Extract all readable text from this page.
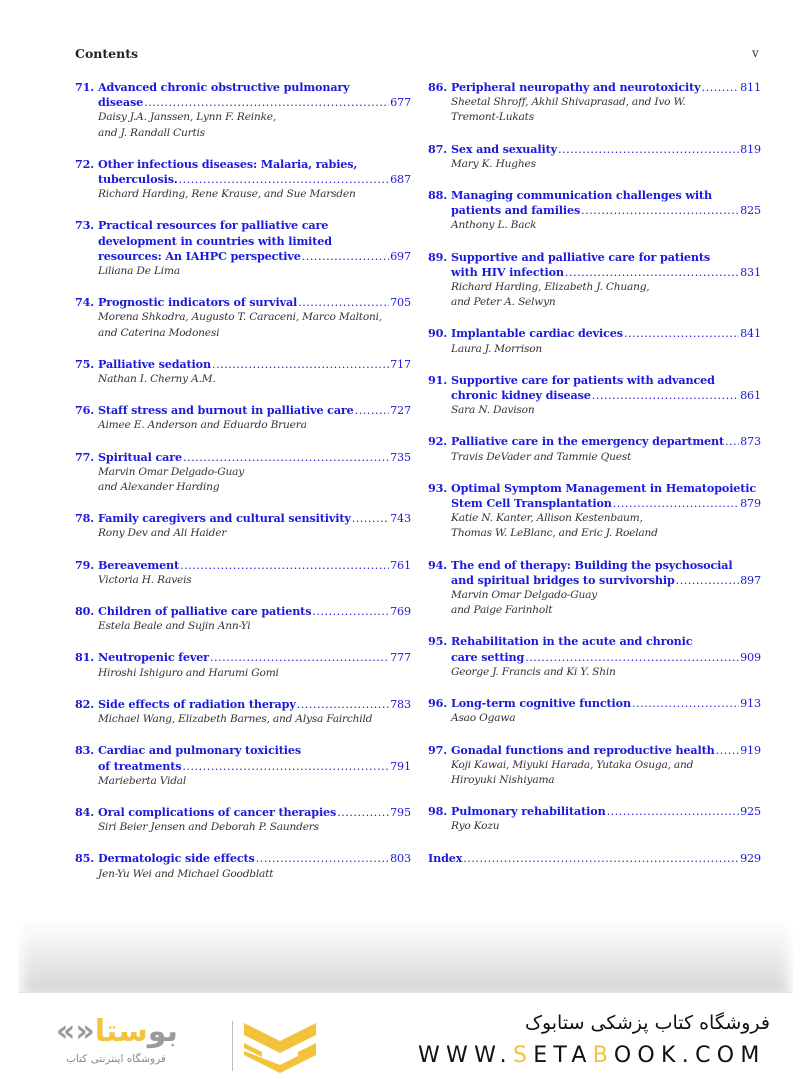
Contents	v
71. Advanced chronic obstructive pulmonary
disease .....	677
Daisy J.A. Janssen, Lynn F. Reinke,
and J. Randall Curtis
72. Other infectious diseases: Malaria, rabies,
tuberculosis. .....	687
Richard Harding, Rene Krause, and Sue Marsden
73. Practical resources for palliative care
development in countries with limited
resources: An IAHPC perspective .....	697
Liliana De Lima
74. Prognostic indicators of survival .....	705
Morena Shkodra, Augusto T. Caraceni, Marco Maltoni,
and Caterina Modonesi
75. Palliative sedation .....	717
Nathan I. Cherny A.M.
76. Staff stress and burnout in palliative care .....	727
Aimee E. Anderson and Eduardo Bruera
77. Spiritual care .....	735
Marvin Omar Delgado-Guay
and Alexander Harding
78. Family caregivers and cultural sensitivity .....	743
Rony Dev and Ali Haider
79. Bereavement .....	761
Victoria H. Raveis
80. Children of palliative care patients .....	769
Estela Beale and Sujin Ann-Yi
81. Neutropenic fever .....	777
Hiroshi Ishiguro and Harumi Gomi
82. Side effects of radiation therapy .....	783
Michael Wang, Elizabeth Barnes, and Alysa Fairchild
83. Cardiac and pulmonary toxicities
of treatments .....	791
Marieberta Vidal
84. Oral complications of cancer therapies .....	795
Siri Beier Jensen and Deborah P. Saunders
85. Dermatologic side effects .....	803
Jen-Yu Wei and Michael Goodblatt
86. Peripheral neuropathy and neurotoxicity .....	811
Sheetal Shroff, Akhil Shivaprasad, and Ivo W.
Tremont-Lukats
87. Sex and sexuality .....	819
Mary K. Hughes
88. Managing communication challenges with
patients and families .....	825
Anthony L. Back
89. Supportive and palliative care for patients
with HIV infection .....	831
Richard Harding, Elizabeth J. Chuang,
and Peter A. Selwyn
90. Implantable cardiac devices .....	841
Laura J. Morrison
91. Supportive care for patients with advanced
chronic kidney disease .....	861
Sara N. Davison
92. Palliative care in the emergency department ..... 873
Travis DeVader and Tammie Quest
93. Optimal Symptom Management in Hematopoietic
Stem Cell Transplantation .....	879
Katie N. Kanter, Allison Kestenbaum,
Thomas W. LeBlanc, and Eric J. Roeland
94. The end of therapy: Building the psychosocial
and spiritual bridges to survivorship .....	897
Marvin Omar Delgado-Guay
and Paige Farinholt
95. Rehabilitation in the acute and chronic
care setting .....	909
George J. Francis and Ki Y. Shin
96. Long-term cognitive function .....	913
Asao Ogawa
97. Gonadal functions and reproductive health ..... 919
Koji Kawai, Miyuki Harada, Yutaka Osuga, and
Hiroyuki Nishiyama
98. Pulmonary rehabilitation .....	925
Ryo Kozu
Index .....	929
«»ﺑﻮﺳﺘﺎ
فروشگاه اینترنتی کتاب
فروشگاه کتاب پزشکی ستابوک
WWW.SETABOOK.COM
